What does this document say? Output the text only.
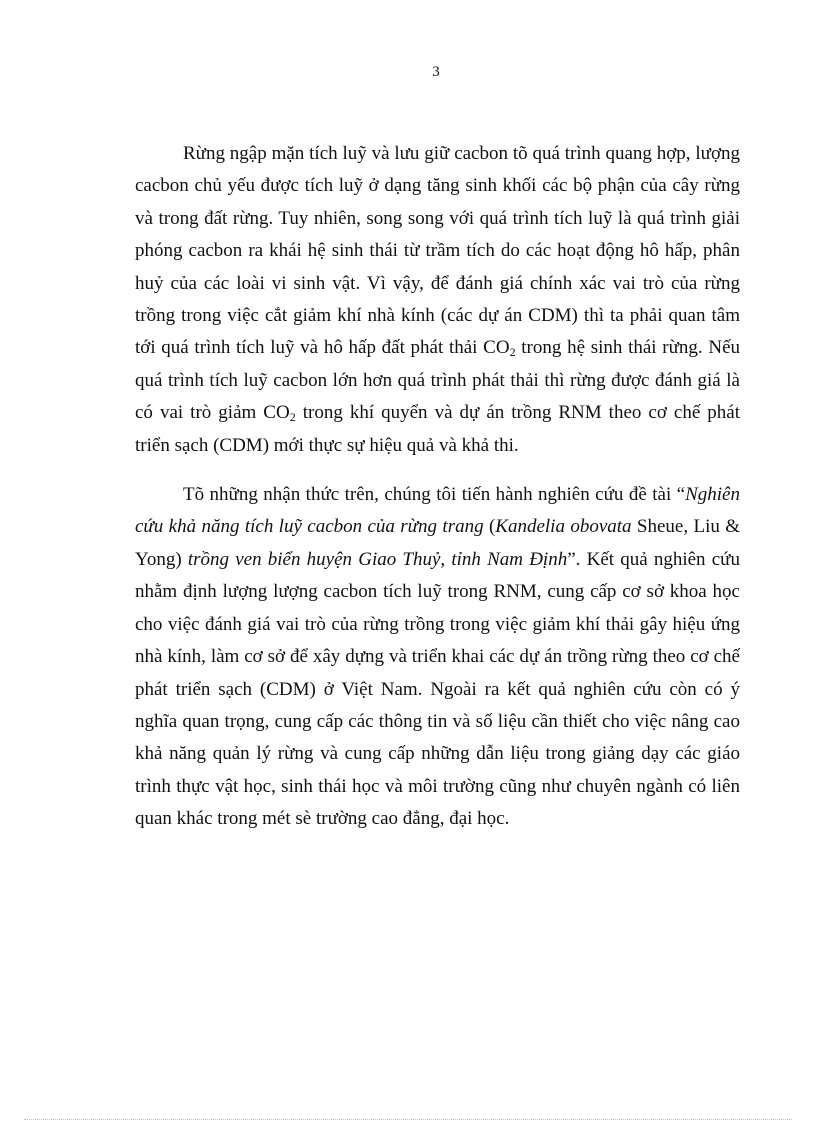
3

Rừng ngập mặn tích luỹ và lưu giữ cacbon tõ quá trình quang hợp, lượng cacbon chủ yếu được tích luỹ ở dạng tăng sinh khối các bộ phận của cây rừng và trong đất rừng. Tuy nhiên, song song với quá trình tích luỹ là quá trình giải phóng cacbon ra khái hệ sinh thái từ trầm tích do các hoạt động hô hấp, phân huỷ của các loài vi sinh vật. Vì vậy, để đánh giá chính xác vai trò của rừng trồng trong việc cắt giảm khí nhà kính (các dự án CDM) thì ta phải quan tâm tới quá trình tích luỹ và hô hấp đất phát thải $CO_2$ trong hệ sinh thái rừng. Nếu quá trình tích luỹ cacbon lớn hơn quá trình phát thải thì rừng được đánh giá là có vai trò giảm $CO_2$ trong khí quyển và dự án trồng RNM theo cơ chế phát triển sạch (CDM) mới thực sự hiệu quả và khả thi.

Tõ những nhận thức trên, chúng tôi tiến hành nghiên cứu đề tài “Nghiên cứu khả năng tích luỹ cacbon của rừng trang (Kandelia obovata Sheue, Liu & Yong) trồng ven biển huyện Giao Thuỷ, tỉnh Nam Định”. Kết quả nghiên cứu nhằm định lượng lượng cacbon tích luỹ trong RNM, cung cấp cơ sở khoa học cho việc đánh giá vai trò của rừng trồng trong việc giảm khí thải gây hiệu ứng nhà kính, làm cơ sở để xây dựng và triển khai các dự án trồng rừng theo cơ chế phát triển sạch (CDM) ở Việt Nam. Ngoài ra kết quả nghiên cứu còn có ý nghĩa quan trọng, cung cấp các thông tin và số liệu cần thiết cho việc nâng cao khả năng quản lý rừng và cung cấp những dẫn liệu trong giảng dạy các giáo trình thực vật học, sinh thái học và môi trường cũng như chuyên ngành có liên quan khác trong mét sè trường cao đẳng, đại học.
